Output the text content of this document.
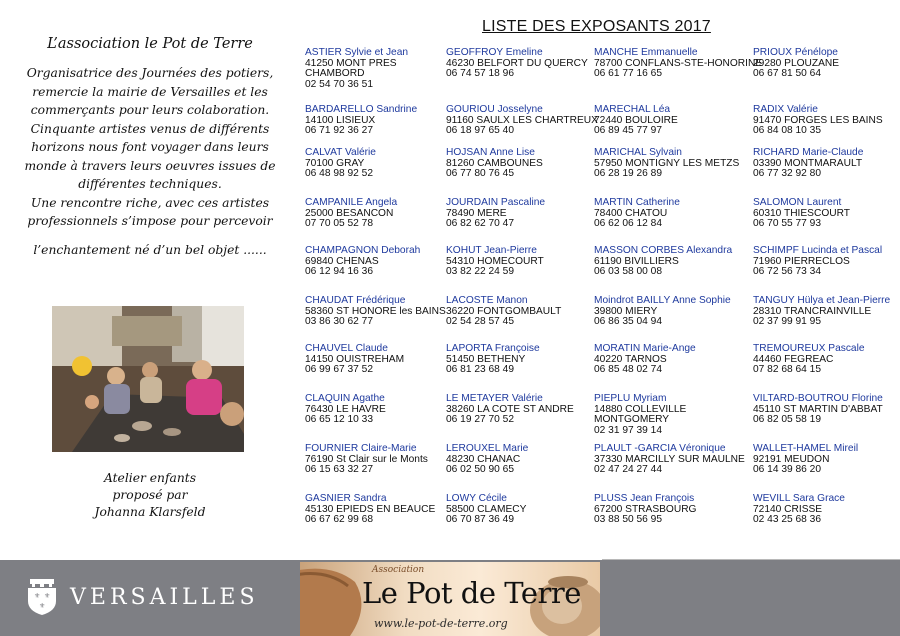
L’association le Pot de Terre
Organisatrice des Journées des potiers,
remercie la mairie de Versailles et les
commerçants pour leurs colaboration.
Cinquante artistes venus de différents
horizons nous font voyager dans leurs
monde à travers leurs oeuvres issues de
différentes techniques.
Une rencontre riche, avec ces artistes
professionnels s’impose pour percevoir
l’enchantement né d’un bel objet ......
Atelier enfants
proposé par
Johanna Klarsfeld
LISTE DES EXPOSANTS 2017
ASTIER Sylvie et Jean
41250 MONT PRES
CHAMBORD
02 54 70 36 51
BARDARELLO Sandrine
14100 LISIEUX
06 71 92 36 27
CALVAT Valérie
70100 GRAY
06 48 98 92 52
CAMPANILE Angela
25000 BESANCON
07 70 05 52 78
CHAMPAGNON Deborah
69840 CHENAS
06 12 94 16 36
CHAUDAT Frédérique
58360 ST HONORE les BAINS
03 86 30 62 77
CHAUVEL Claude
14150 OUISTREHAM
06 99 67 37 52
CLAQUIN Agathe
76430 LE HAVRE
06 65 12 10 33
FOURNIER Claire-Marie
76190 St Clair sur le Monts
06 15 63 32 27
GASNIER Sandra
45130 EPIEDS EN BEAUCE
06 67 62 99 68
GEOFFROY Emeline
46230 BELFORT DU QUERCY
06 74 57 18 96
GOURIOU Josselyne
91160 SAULX LES CHARTREUX
06 18 97 65 40
HOJSAN Anne Lise
81260 CAMBOUNES
06 77 80 76 45
JOURDAIN Pascaline
78490 MERE
06 82 62 70 47
KOHUT Jean-Pierre
54310 HOMECOURT
03 82 22 24 59
LACOSTE Manon
36220 FONTGOMBAULT
02 54 28 57 45
LAPORTA Françoise
51450 BETHENY
06 81 23 68 49
LE METAYER Valérie
38260 LA COTE ST ANDRE
06 19 27 70 52
LEROUXEL Marie
48230 CHANAC
06 02 50 90 65
LOWY Cécile
58500 CLAMECY
06 70 87 36 49
MANCHE Emmanuelle
78700 CONFLANS-STE-HONORINE
06 61 77 16 65
MARECHAL Léa
72440 BOULOIRE
06 89 45 77 97
MARICHAL Sylvain
57950 MONTIGNY LES METZS
06 28 19 26 89
MARTIN Catherine
78400 CHATOU
06 62 06 12 84
MASSON CORBES Alexandra
61190 BIVILLIERS
06 03 58 00 08
Moindrot BAILLY Anne Sophie
39800 MIERY
06 86 35 04 94
MORATIN Marie-Ange
40220 TARNOS
06 85 48 02 74
PIEPLU Myriam
14880 COLLEVILLE
MONTGOMERY
02 31 97 39 14
PLAULT -GARCIA Véronique
37330 MARCILLY SUR MAULNE
02 47 24 27 44
PLUSS Jean François
67200 STRASBOURG
03 88 50 56 95
PRIOUX Pénélope
29280 PLOUZANE
06 67 81 50 64
RADIX Valérie
91470 FORGES LES BAINS
06 84 08 10 35
RICHARD Marie-Claude
03390 MONTMARAULT
06 77 32 92 80
SALOMON Laurent
60310 THIESCOURT
06 70 55 77 93
SCHIMPF Lucinda et Pascal
71960 PIERRECLOS
06 72 56 73 34
TANGUY Hülya et Jean-Pierre
28310 TRANCRAINVILLE
02 37 99 91 95
TREMOUREUX Pascale
44460 FEGREAC
07 82 68 64 15
VILTARD-BOUTROU Florine
45110 ST MARTIN D'ABBAT
06 82 05 58 19
WALLET-HAMEL Mireil
92191 MEUDON
06 14 39 86 20
WEVILL Sara Grace
72140 CRISSE
02 43 25 68 36
⚜ ⚜
⚜ VERSAILLES
Association
Le Pot de Terre
www.le-pot-de-terre.org
